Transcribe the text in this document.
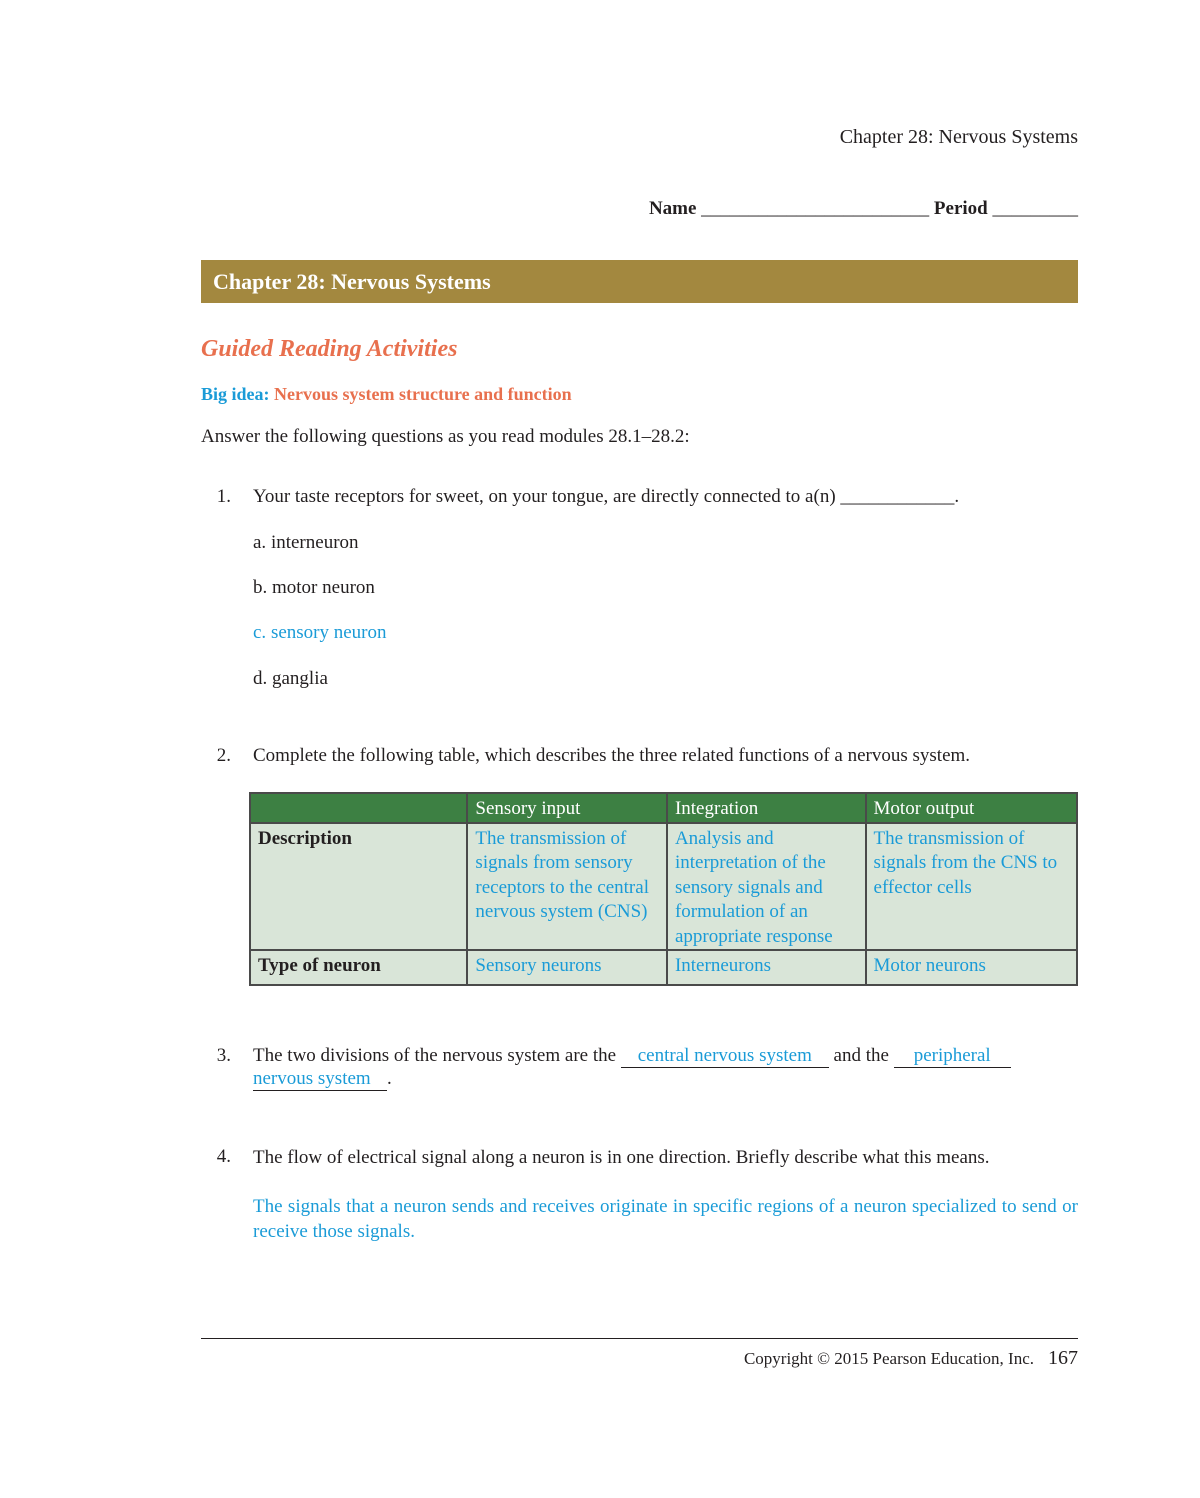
Chapter 28: Nervous Systems
Name ________________________ Period _________
Chapter 28: Nervous Systems
Guided Reading Activities
Big idea: Nervous system structure and function
Answer the following questions as you read modules 28.1–28.2:
1. Your taste receptors for sweet, on your tongue, are directly connected to a(n) ____________.
a. interneuron
b. motor neuron
c. sensory neuron
d. ganglia
2. Complete the following table, which describes the three related functions of a nervous system.
	Sensory input	Integration	Motor output
Description	The transmission of signals from sensory receptors to the central nervous system (CNS)	Analysis and interpretation of the sensory signals and formulation of an appropriate response	The transmission of signals from the CNS to effector cells
Type of neuron	Sensory neurons	Interneurons	Motor neurons
3. The two divisions of the nervous system are the central nervous system and the peripheral
nervous system .
4. The flow of electrical signal along a neuron is in one direction. Briefly describe what this means.
The signals that a neuron sends and receives originate in specific regions of a neuron specialized to send or receive those signals.
Copyright © 2015 Pearson Education, Inc. 167
